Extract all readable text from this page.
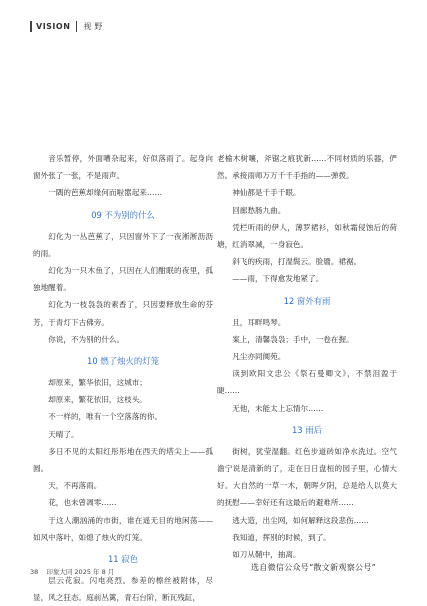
VISION 视野

音乐暂停，外面嘈杂起来，好似落雨了。起身向窗外张了一张，不是雨声。

一隅的芭蕉却缘何而啦嚣起来……

09 不为别的什么

幻化为一丛芭蕉了，只因窗外下了一夜淅淅沥沥的雨。

幻化为一只木鱼了，只因在人们酣眠的夜里，孤独地醒着。

幻化为一枝袅袅的素香了，只因要释放生命的芬芳，于青灯下古佛旁。

你说，不为别的什么。

10 燃了烛火的灯笼

却原来，繁华依旧，这城市；

却原来，繁花依旧，这枝头。

不一样的，唯有一个空落落的你。

天晴了。

多日不见的太阳红彤彤地在西天的塔尖上——孤圆。

天，不再落雨。

花，也未曾凋零……

于这人潮汹涌的市街，谁在遥无目的地闲荡——如风中落叶，如熄了烛火的灯笼。

11 寂色

层云花寂。闪电亮烈。参差的檫丝被附体，尽显，风之狂态。庭前丛篱，青石台阶，断瓦残缸，

老榆木树嚷，斧锯之痕犹新……不同材质的乐器，俨然。承接雨师万万千千手指的——弹拨。

神仙都是千手千眼。

回廊愁肠九曲。

凭栏听雨的伊人，薄罗裙衫，如秋霜侵蚀后的荷塘，红消翠减，一身寂色。

斜飞的疾雨，打湿鬓云。脸靥。裙裾。

——雨，下得愈发地紧了。

12 窗外有雨

且，耳畔鸣琴。

案上，清馨袅袅；手中，一卷在握。

凡尘亦同阒苑。

读到欧阳文忠公《祭石曼卿文》，不禁泪盈于睫……

无他，未能太上忘情尔……

13 雨后

街树，犹莹湿翻。红色步道砖如净水洗过。空气澹宁说是清新的了，走在日日盘桓的园子里，心情大好。大自然的一草一木，朝晖夕阴，总是给人以莫大的抚慰——幸好还有这最后的避难所……

逃大造，出尘网，如何解释这段悲伤……

我知道，挥别的时候，到了。

如刀从鞘中，抽离。

选自微信公众号“散文新观察公号”
38 印象大同 2025 年 8 月
